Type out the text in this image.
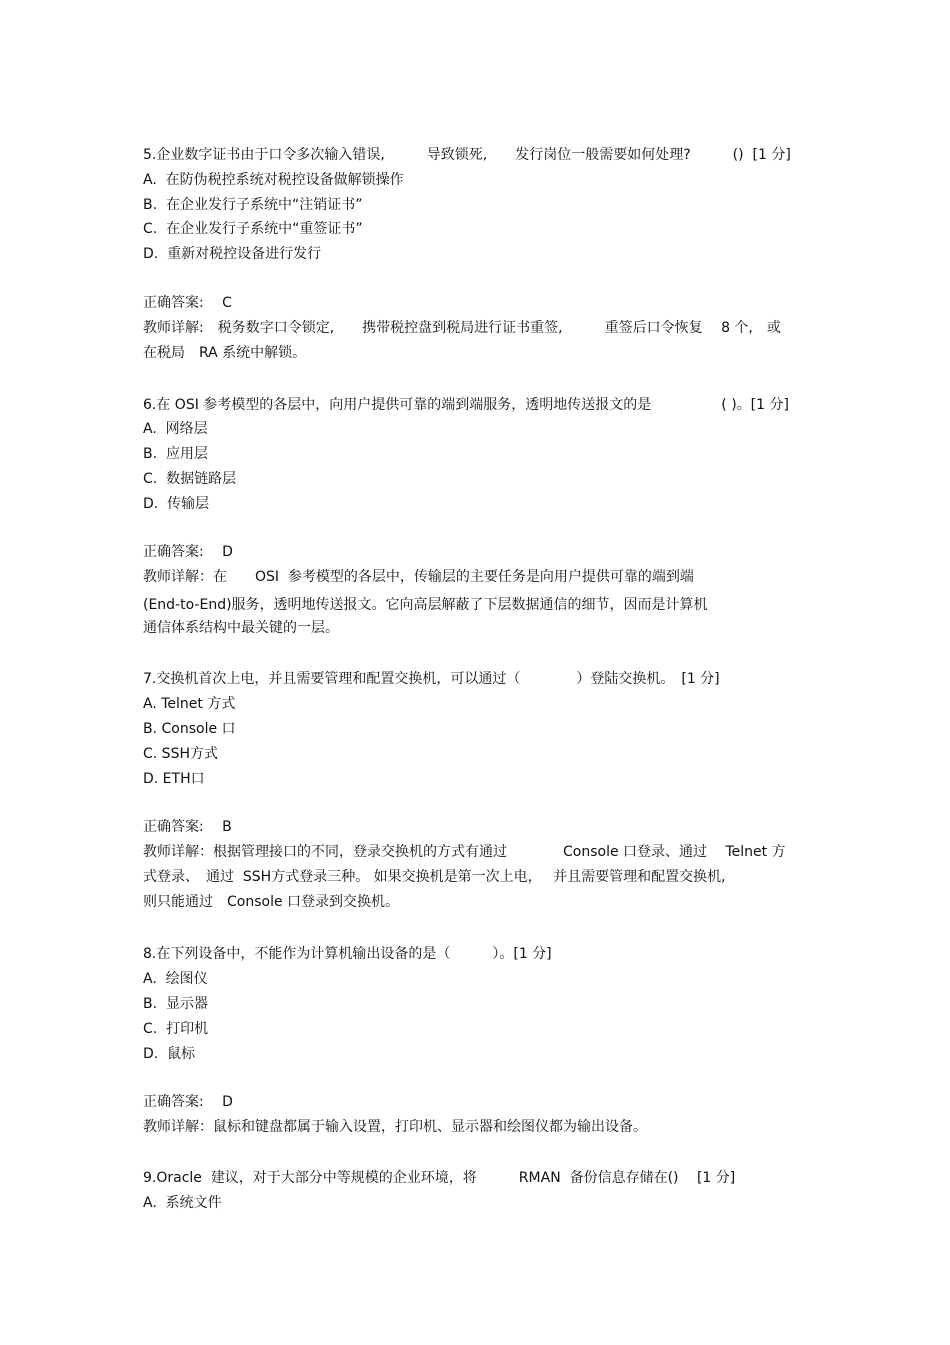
5.企业数字证书由于口令多次输入错误,　　　导致锁死,　　发行岗位一般需要如何处理?　　　()  [1 分]
A.  在防伪税控系统对税控设备做解锁操作
B.  在企业发行子系统中“注销证书”
C.  在企业发行子系统中“重签证书”
D.  重新对税控设备进行发行
正确答案:　 C
教师详解:　税务数字口令锁定,　　携带税控盘到税局进行证书重签,　　　重签后口令恢复　 8 个,　或
在税局　RA 系统中解锁。
6.在 OSI 参考模型的各层中，向用户提供可靠的端到端服务，透明地传送报文的是　　　　　( )。[1 分]
A.  网络层
B.  应用层
C.  数据链路层
D.  传输层
正确答案:　 D
教师详解：在　　OSI  参考模型的各层中，传输层的主要任务是向用户提供可靠的端到端
(End-to-End)服务，透明地传送报文。它向高层解蔽了下层数据通信的细节，因而是计算机
通信体系结构中最关键的一层。
7.交换机首次上电，并且需要管理和配置交换机，可以通过（　　　　）登陆交换机。　[1 分]
A. Telnet 方式
B. Console 口
C. SSH方式
D. ETH口
正确答案:　 B
教师详解：根据管理接口的不同，登录交换机的方式有通过　　　　Console 口登录、通过　 Telnet 方
式登录、　通过  SSH方式登录三种。 如果交换机是第一次上电，　 并且需要管理和配置交换机,
则只能通过　Console 口登录到交换机。
8.在下列设备中，不能作为计算机输出设备的是（　　　）。[1 分]
A.  绘图仪
B.  显示器
C.  打印机
D.  鼠标
正确答案:　 D
教师详解：鼠标和键盘都属于输入设置，打印机、显示器和绘图仪都为输出设备。
9.Oracle  建议，对于大部分中等规模的企业环境，将　　　RMAN  备份信息存储在()　 [1 分]
A.  系统文件
